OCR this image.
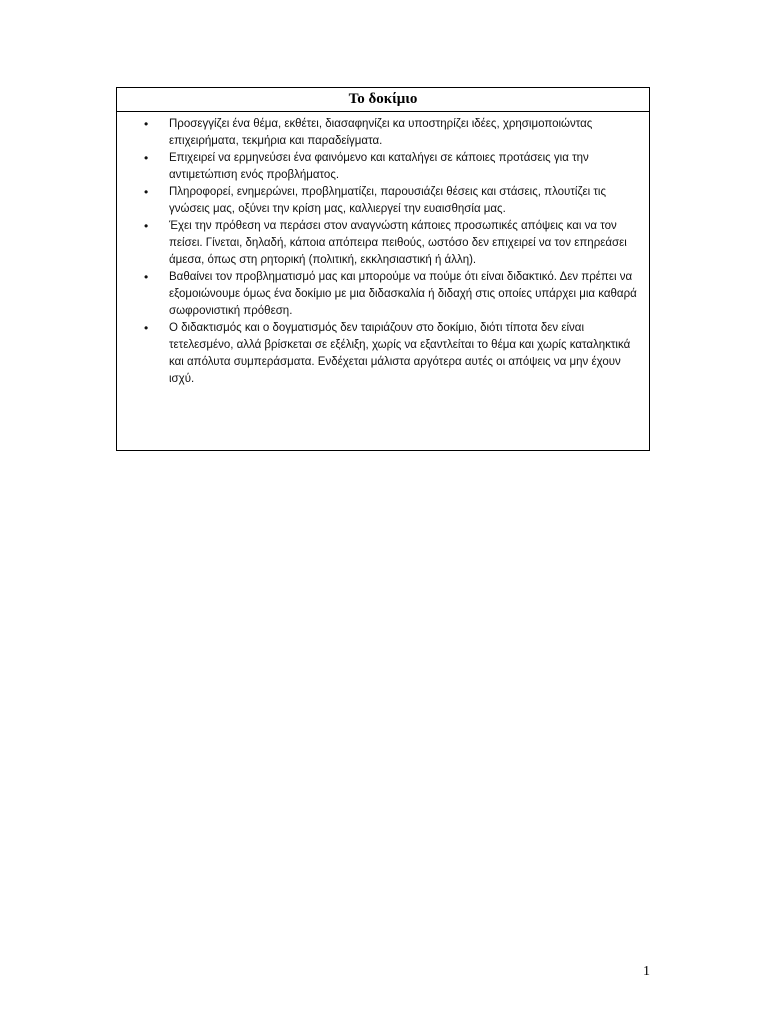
Το δοκίμιο
• Προσεγγίζει ένα θέμα, εκθέτει, διασαφηνίζει κα υποστηρίζει ιδέες, χρησιμοποιώντας επιχειρήματα, τεκμήρια και παραδείγματα.
• Επιχειρεί να ερμηνεύσει ένα φαινόμενο και καταλήγει σε κάποιες προτάσεις για την αντιμετώπιση ενός προβλήματος.
• Πληροφορεί, ενημερώνει, προβληματίζει, παρουσιάζει θέσεις και στάσεις, πλουτίζει τις γνώσεις μας, οξύνει την κρίση μας, καλλιεργεί την ευαισθησία μας.
• Έχει την πρόθεση να περάσει στον αναγνώστη κάποιες προσωπικές απόψεις και να τον πείσει. Γίνεται, δηλαδή, κάποια απόπειρα πειθούς, ωστόσο δεν επιχειρεί να τον επηρεάσει άμεσα, όπως στη ρητορική (πολιτική, εκκλησιαστική ή άλλη).
• Βαθαίνει τον προβληματισμό μας και μπορούμε να πούμε ότι είναι διδακτικό. Δεν πρέπει να εξομοιώνουμε όμως ένα δοκίμιο με μια διδασκαλία ή διδαχή στις οποίες υπάρχει μια καθαρά σωφρονιστική πρόθεση.
• Ο διδακτισμός και ο δογματισμός δεν ταιριάζουν στο δοκίμιο, διότι τίποτα δεν είναι τετελεσμένο, αλλά βρίσκεται σε εξέλιξη, χωρίς να εξαντλείται το θέμα και χωρίς καταληκτικά και απόλυτα συμπεράσματα. Ενδέχεται μάλιστα αργότερα αυτές οι απόψεις να μην έχουν ισχύ.
1
